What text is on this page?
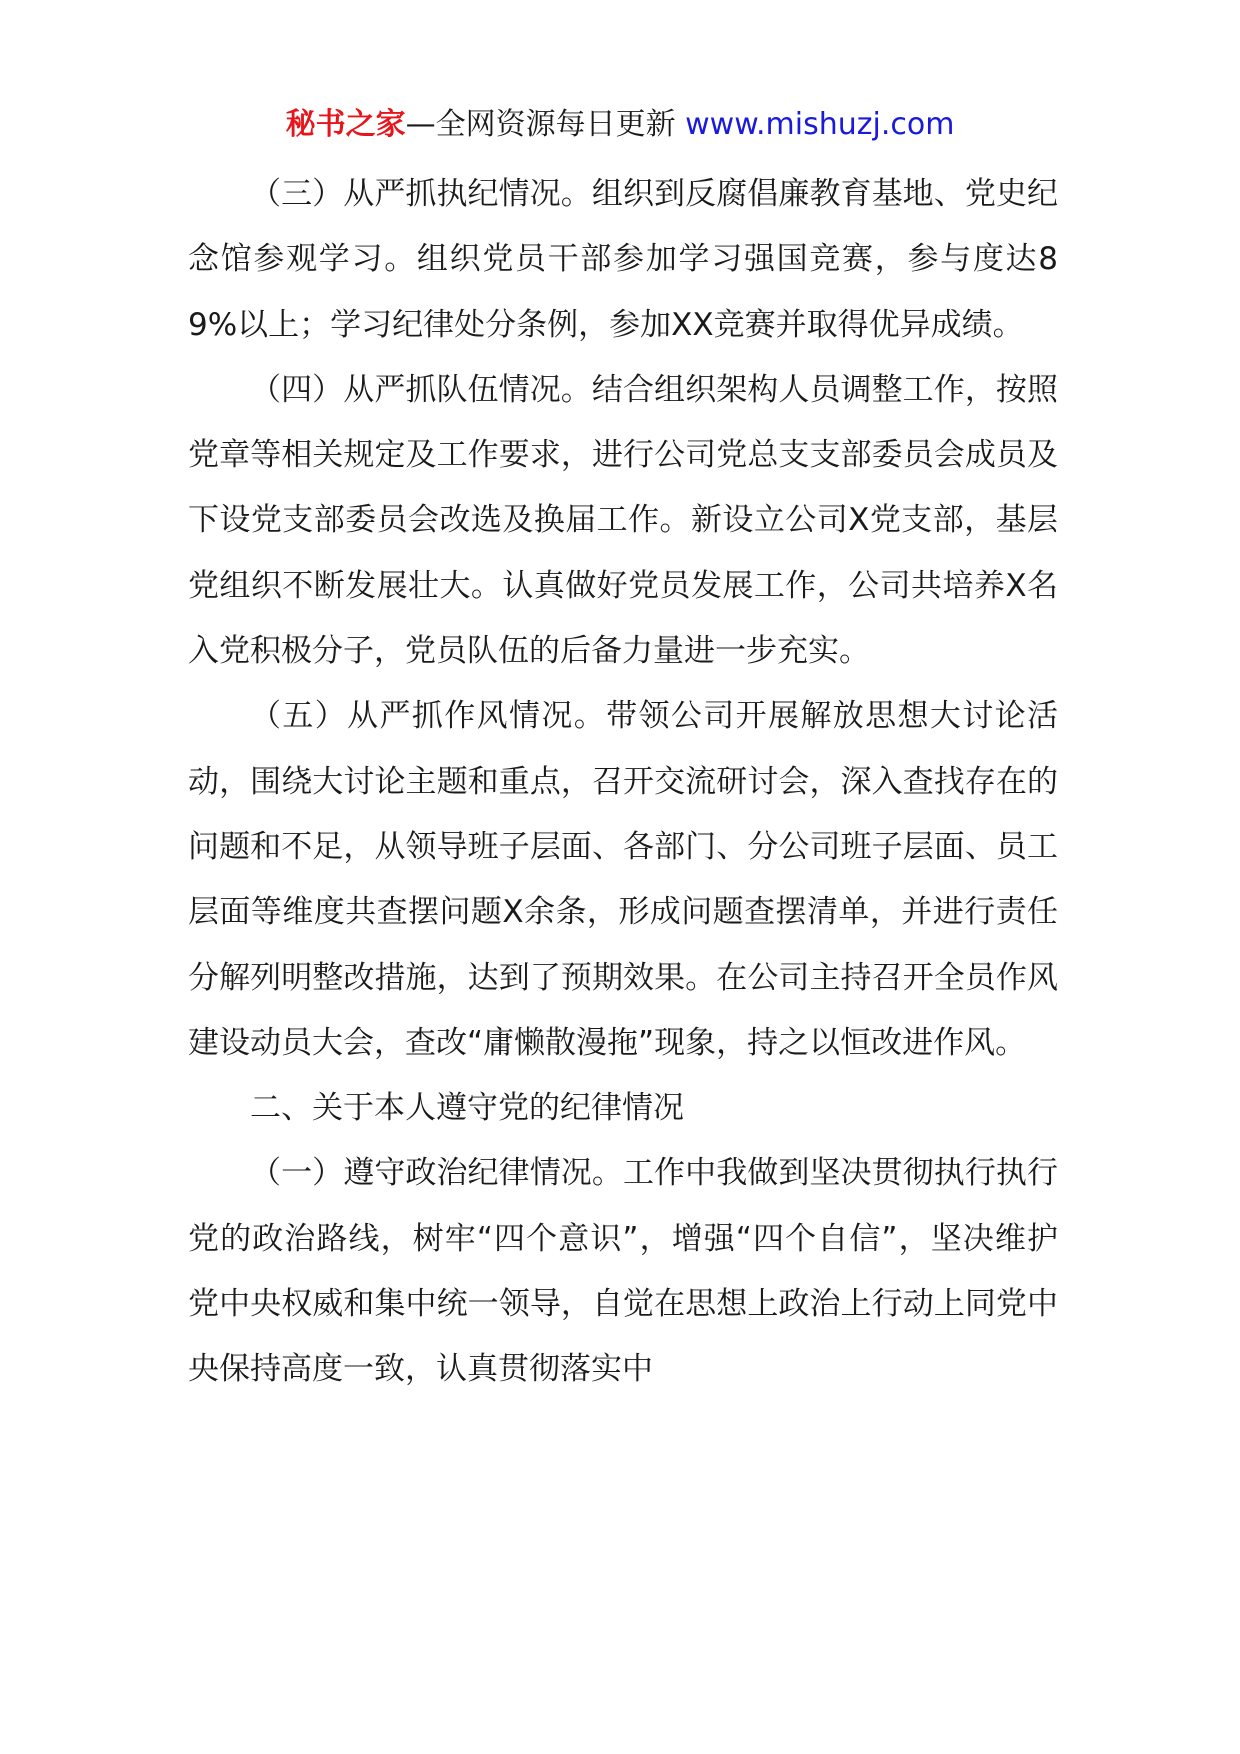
秘书之家—全网资源每日更新 www.mishuzj.com

（三）从严抓执纪情况。组织到反腐倡廉教育基地、党史纪念馆参观学习。组织党员干部参加学习强国竞赛，参与度达89%以上；学习纪律处分条例，参加XX竞赛并取得优异成绩。

（四）从严抓队伍情况。结合组织架构人员调整工作，按照党章等相关规定及工作要求，进行公司党总支支部委员会成员及下设党支部委员会改选及换届工作。新设立公司X党支部，基层党组织不断发展壮大。认真做好党员发展工作，公司共培养X名入党积极分子，党员队伍的后备力量进一步充实。

（五）从严抓作风情况。带领公司开展解放思想大讨论活动，围绕大讨论主题和重点，召开交流研讨会，深入查找存在的问题和不足，从领导班子层面、各部门、分公司班子层面、员工层面等维度共查摆问题X余条，形成问题查摆清单，并进行责任分解列明整改措施，达到了预期效果。在公司主持召开全员作风建设动员大会，查改“庸懒散漫拖”现象，持之以恒改进作风。

二、关于本人遵守党的纪律情况

（一）遵守政治纪律情况。工作中我做到坚决贯彻执行执行党的政治路线，树牢“四个意识”，增强“四个自信”，坚决维护党中央权威和集中统一领导，自觉在思想上政治上行动上同党中央保持高度一致，认真贯彻落实中
